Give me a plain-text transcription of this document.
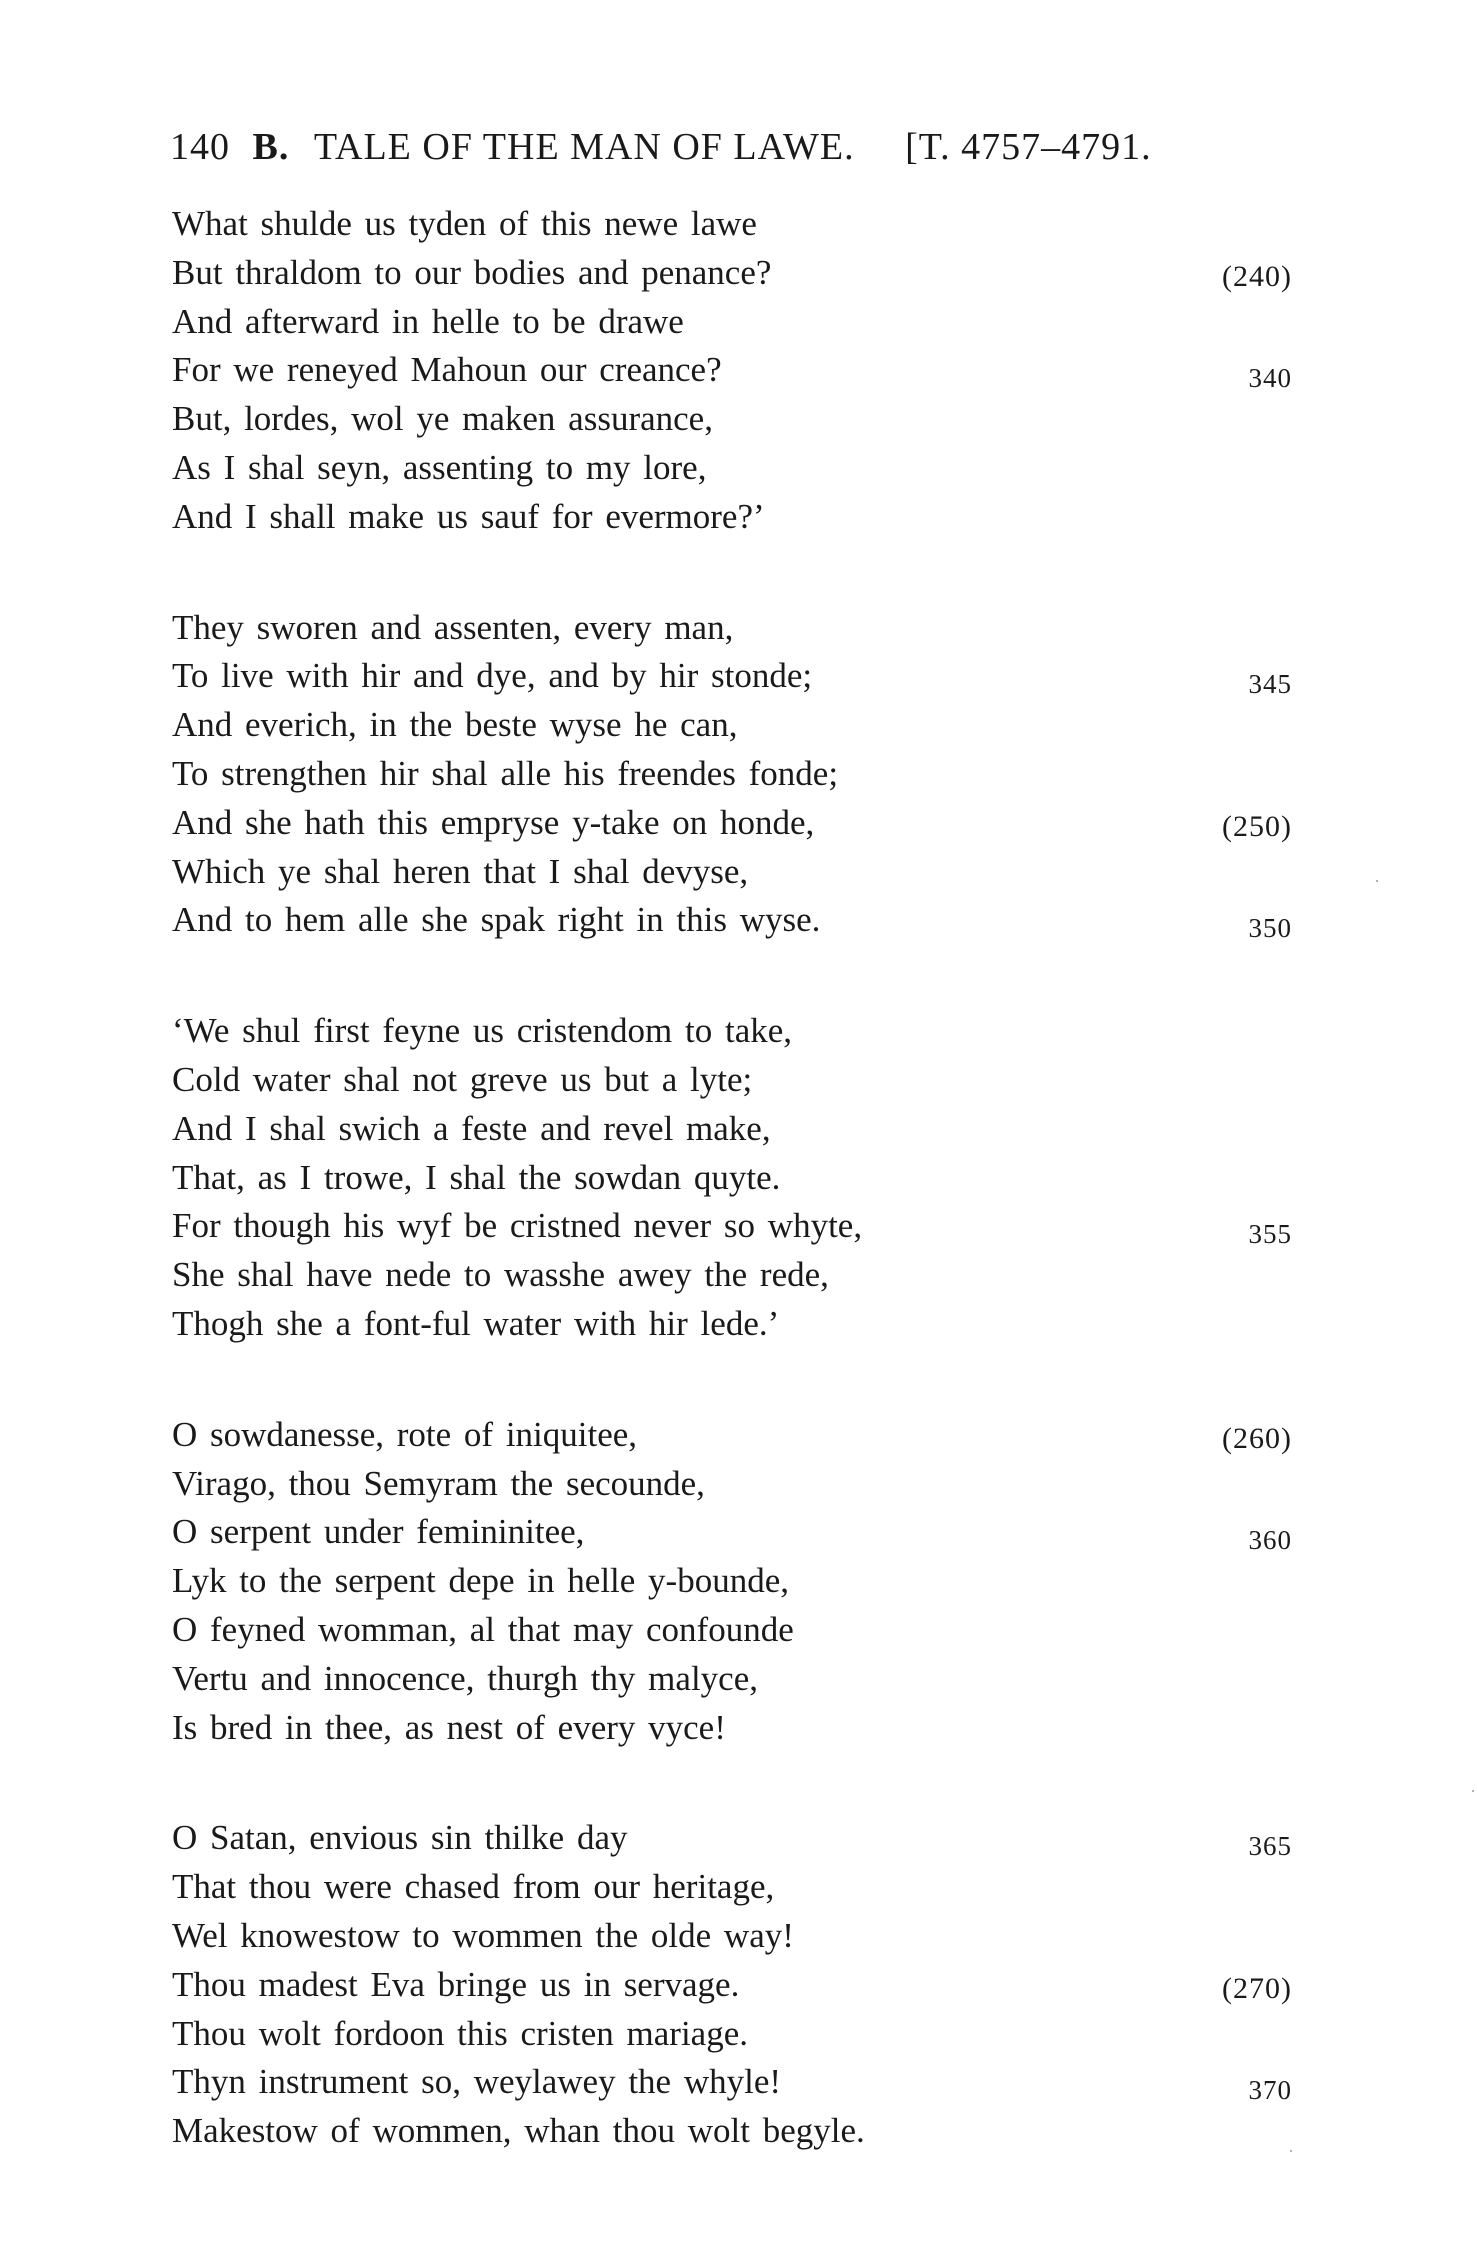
140 B. TALE OF THE MAN OF LAWE. [T. 4757–4791.
What shulde us tyden of this newe lawe
But thraldom to our bodies and penance?	(240)
And afterward in helle to be drawe
For we reneyed Mahoun our creance?	340
But, lordes, wol ye maken assurance,
As I shal seyn, assenting to my lore,
And I shall make us sauf for evermore?’
They sworen and assenten, every man,
To live with hir and dye, and by hir stonde;	345
And everich, in the beste wyse he can,
To strengthen hir shal alle his freendes fonde;
And she hath this empryse y-take on honde,	(250)
Which ye shal heren that I shal devyse,
And to hem alle she spak right in this wyse.	350
‘We shul first feyne us cristendom to take,
Cold water shal not greve us but a lyte;
And I shal swich a feste and revel make,
That, as I trowe, I shal the sowdan quyte.
For though his wyf be cristned never so whyte,	355
She shal have nede to wasshe awey the rede,
Thogh she a font-ful water with hir lede.’
O sowdanesse, rote of iniquitee,	(260)
Virago, thou Semyram the secounde,
O serpent under femininitee,	360
Lyk to the serpent depe in helle y-bounde,
O feyned womman, al that may confounde
Vertu and innocence, thurgh thy malyce,
Is bred in thee, as nest of every vyce!
O Satan, envious sin thilke day	365
That thou were chased from our heritage,
Wel knowestow to wommen the olde way!
Thou madest Eva bringe us in servage.	(270)
Thou wolt fordoon this cristen mariage.
Thyn instrument so, weylawey the whyle!	370
Makestow of wommen, whan thou wolt begyle.
